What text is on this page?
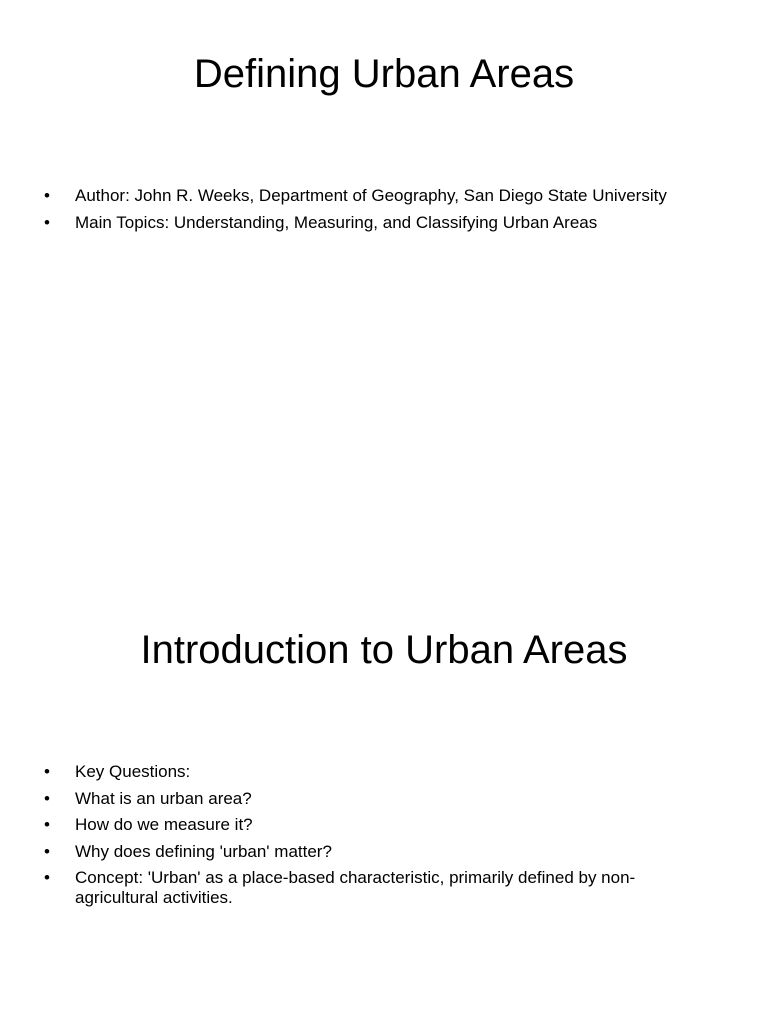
Defining Urban Areas
•	Author: John R. Weeks, Department of Geography, San Diego State University
•	Main Topics: Understanding, Measuring, and Classifying Urban Areas
Introduction to Urban Areas
•	Key Questions:
•	What is an urban area?
•	How do we measure it?
•	Why does defining 'urban' matter?
•	Concept: 'Urban' as a place-based characteristic, primarily defined by non-agricultural activities.
